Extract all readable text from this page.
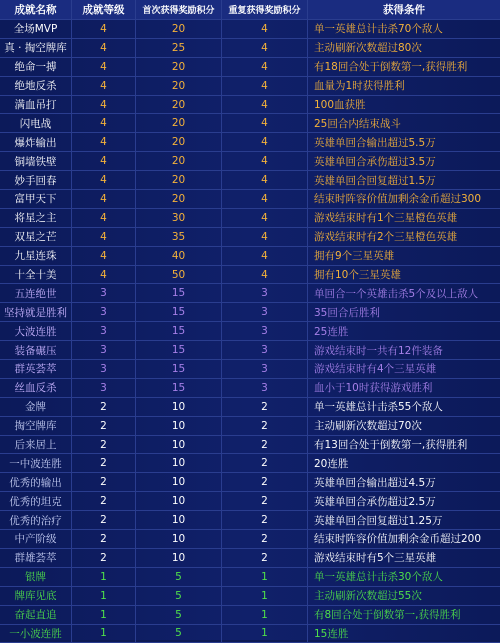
成就名称	成就等级	首次获得奖励积分	重复获得奖励积分	获得条件
全场MVP	4	20	4	单一英雄总计击杀70个敌人
真 · 掏空牌库	4	25	4	主动刷新次数超过80次
绝命一搏	4	20	4	有18回合处于倒数第一,获得胜利
绝地反杀	4	20	4	血量为1时获得胜利
满血吊打	4	20	4	100血获胜
闪电战	4	20	4	25回合内结束战斗
爆炸输出	4	20	4	英雄单回合输出超过5.5万
铜墙铁壁	4	20	4	英雄单回合承伤超过3.5万
妙手回春	4	20	4	英雄单回合回复超过1.5万
富甲天下	4	20	4	结束时阵容价值加剩余金币超过300
将星之主	4	30	4	游戏结束时有1个三星橙色英雄
双星之芒	4	35	4	游戏结束时有2个三星橙色英雄
九星连珠	4	40	4	拥有9个三星英雄
十全十美	4	50	4	拥有10个三星英雄
五连绝世	3	15	3	单回合一个英雄击杀5个及以上敌人
坚持就是胜利	3	15	3	35回合后胜利
大波连胜	3	15	3	25连胜
装备碾压	3	15	3	游戏结束时一共有12件装备
群英荟萃	3	15	3	游戏结束时有4个三星英雄
丝血反杀	3	15	3	血小于10时获得游戏胜利
金牌	2	10	2	单一英雄总计击杀55个敌人
掏空牌库	2	10	2	主动刷新次数超过70次
后来居上	2	10	2	有13回合处于倒数第一,获得胜利
一中波连胜	2	10	2	20连胜
优秀的输出	2	10	2	英雄单回合输出超过4.5万
优秀的坦克	2	10	2	英雄单回合承伤超过2.5万
优秀的治疗	2	10	2	英雄单回合回复超过1.25万
中产阶级	2	10	2	结束时阵容价值加剩余金币超过200
群雄荟萃	2	10	2	游戏结束时有5个三星英雄
银牌	1	5	1	单一英雄总计击杀30个敌人
牌库见底	1	5	1	主动刷新次数超过55次
奋起直追	1	5	1	有8回合处于倒数第一,获得胜利
一小波连胜	1	5	1	15连胜
